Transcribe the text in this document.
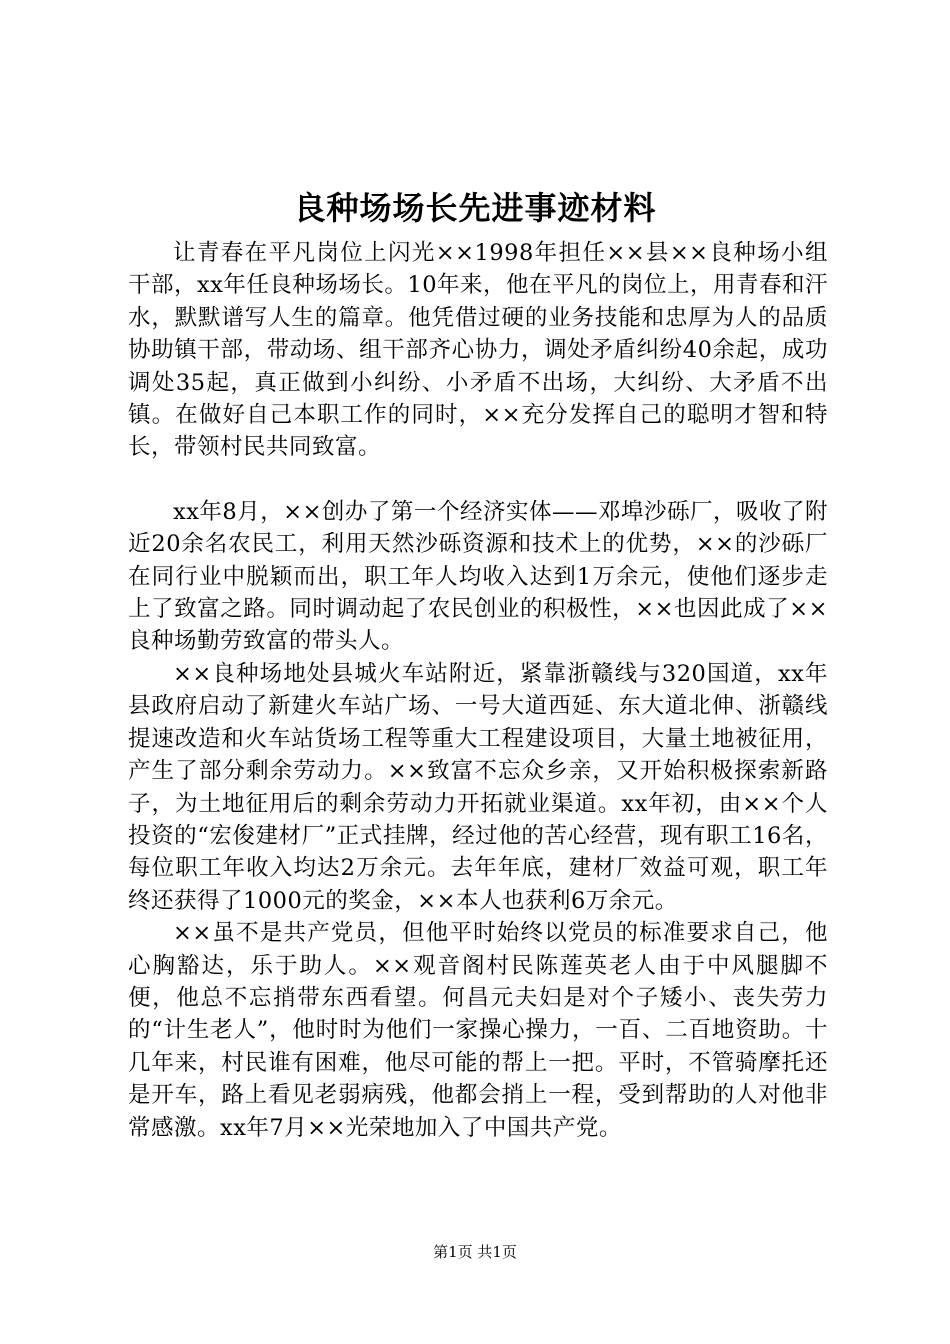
良种场场长先进事迹材料

让青春在平凡岗位上闪光××1998年担任××县××良种场小组干部，xx年任良种场场长。10年来，他在平凡的岗位上，用青春和汗水，默默谱写人生的篇章。他凭借过硬的业务技能和忠厚为人的品质协助镇干部，带动场、组干部齐心协力，调处矛盾纠纷40余起，成功调处35起，真正做到小纠纷、小矛盾不出场，大纠纷、大矛盾不出镇。在做好自己本职工作的同时，××充分发挥自己的聪明才智和特长，带领村民共同致富。

xx年8月，××创办了第一个经济实体——邓埠沙砾厂，吸收了附近20余名农民工，利用天然沙砾资源和技术上的优势，××的沙砾厂在同行业中脱颖而出，职工年人均收入达到1万余元，使他们逐步走上了致富之路。同时调动起了农民创业的积极性，××也因此成了××良种场勤劳致富的带头人。

××良种场地处县城火车站附近，紧靠浙赣线与320国道，xx年县政府启动了新建火车站广场、一号大道西延、东大道北伸、浙赣线提速改造和火车站货场工程等重大工程建设项目，大量土地被征用，产生了部分剩余劳动力。××致富不忘众乡亲，又开始积极探索新路子，为土地征用后的剩余劳动力开拓就业渠道。xx年初，由××个人投资的“宏俊建材厂”正式挂牌，经过他的苦心经营，现有职工16名，每位职工年收入均达2万余元。去年年底，建材厂效益可观，职工年终还获得了1000元的奖金，××本人也获利6万余元。

××虽不是共产党员，但他平时始终以党员的标准要求自己，他心胸豁达，乐于助人。××观音阁村民陈莲英老人由于中风腿脚不便，他总不忘捎带东西看望。何昌元夫妇是对个子矮小、丧失劳力的“计生老人”，他时时为他们一家操心操力，一百、二百地资助。十几年来，村民谁有困难，他尽可能的帮上一把。平时，不管骑摩托还是开车，路上看见老弱病残，他都会捎上一程，受到帮助的人对他非常感激。xx年7月××光荣地加入了中国共产党。

第1页 共1页
